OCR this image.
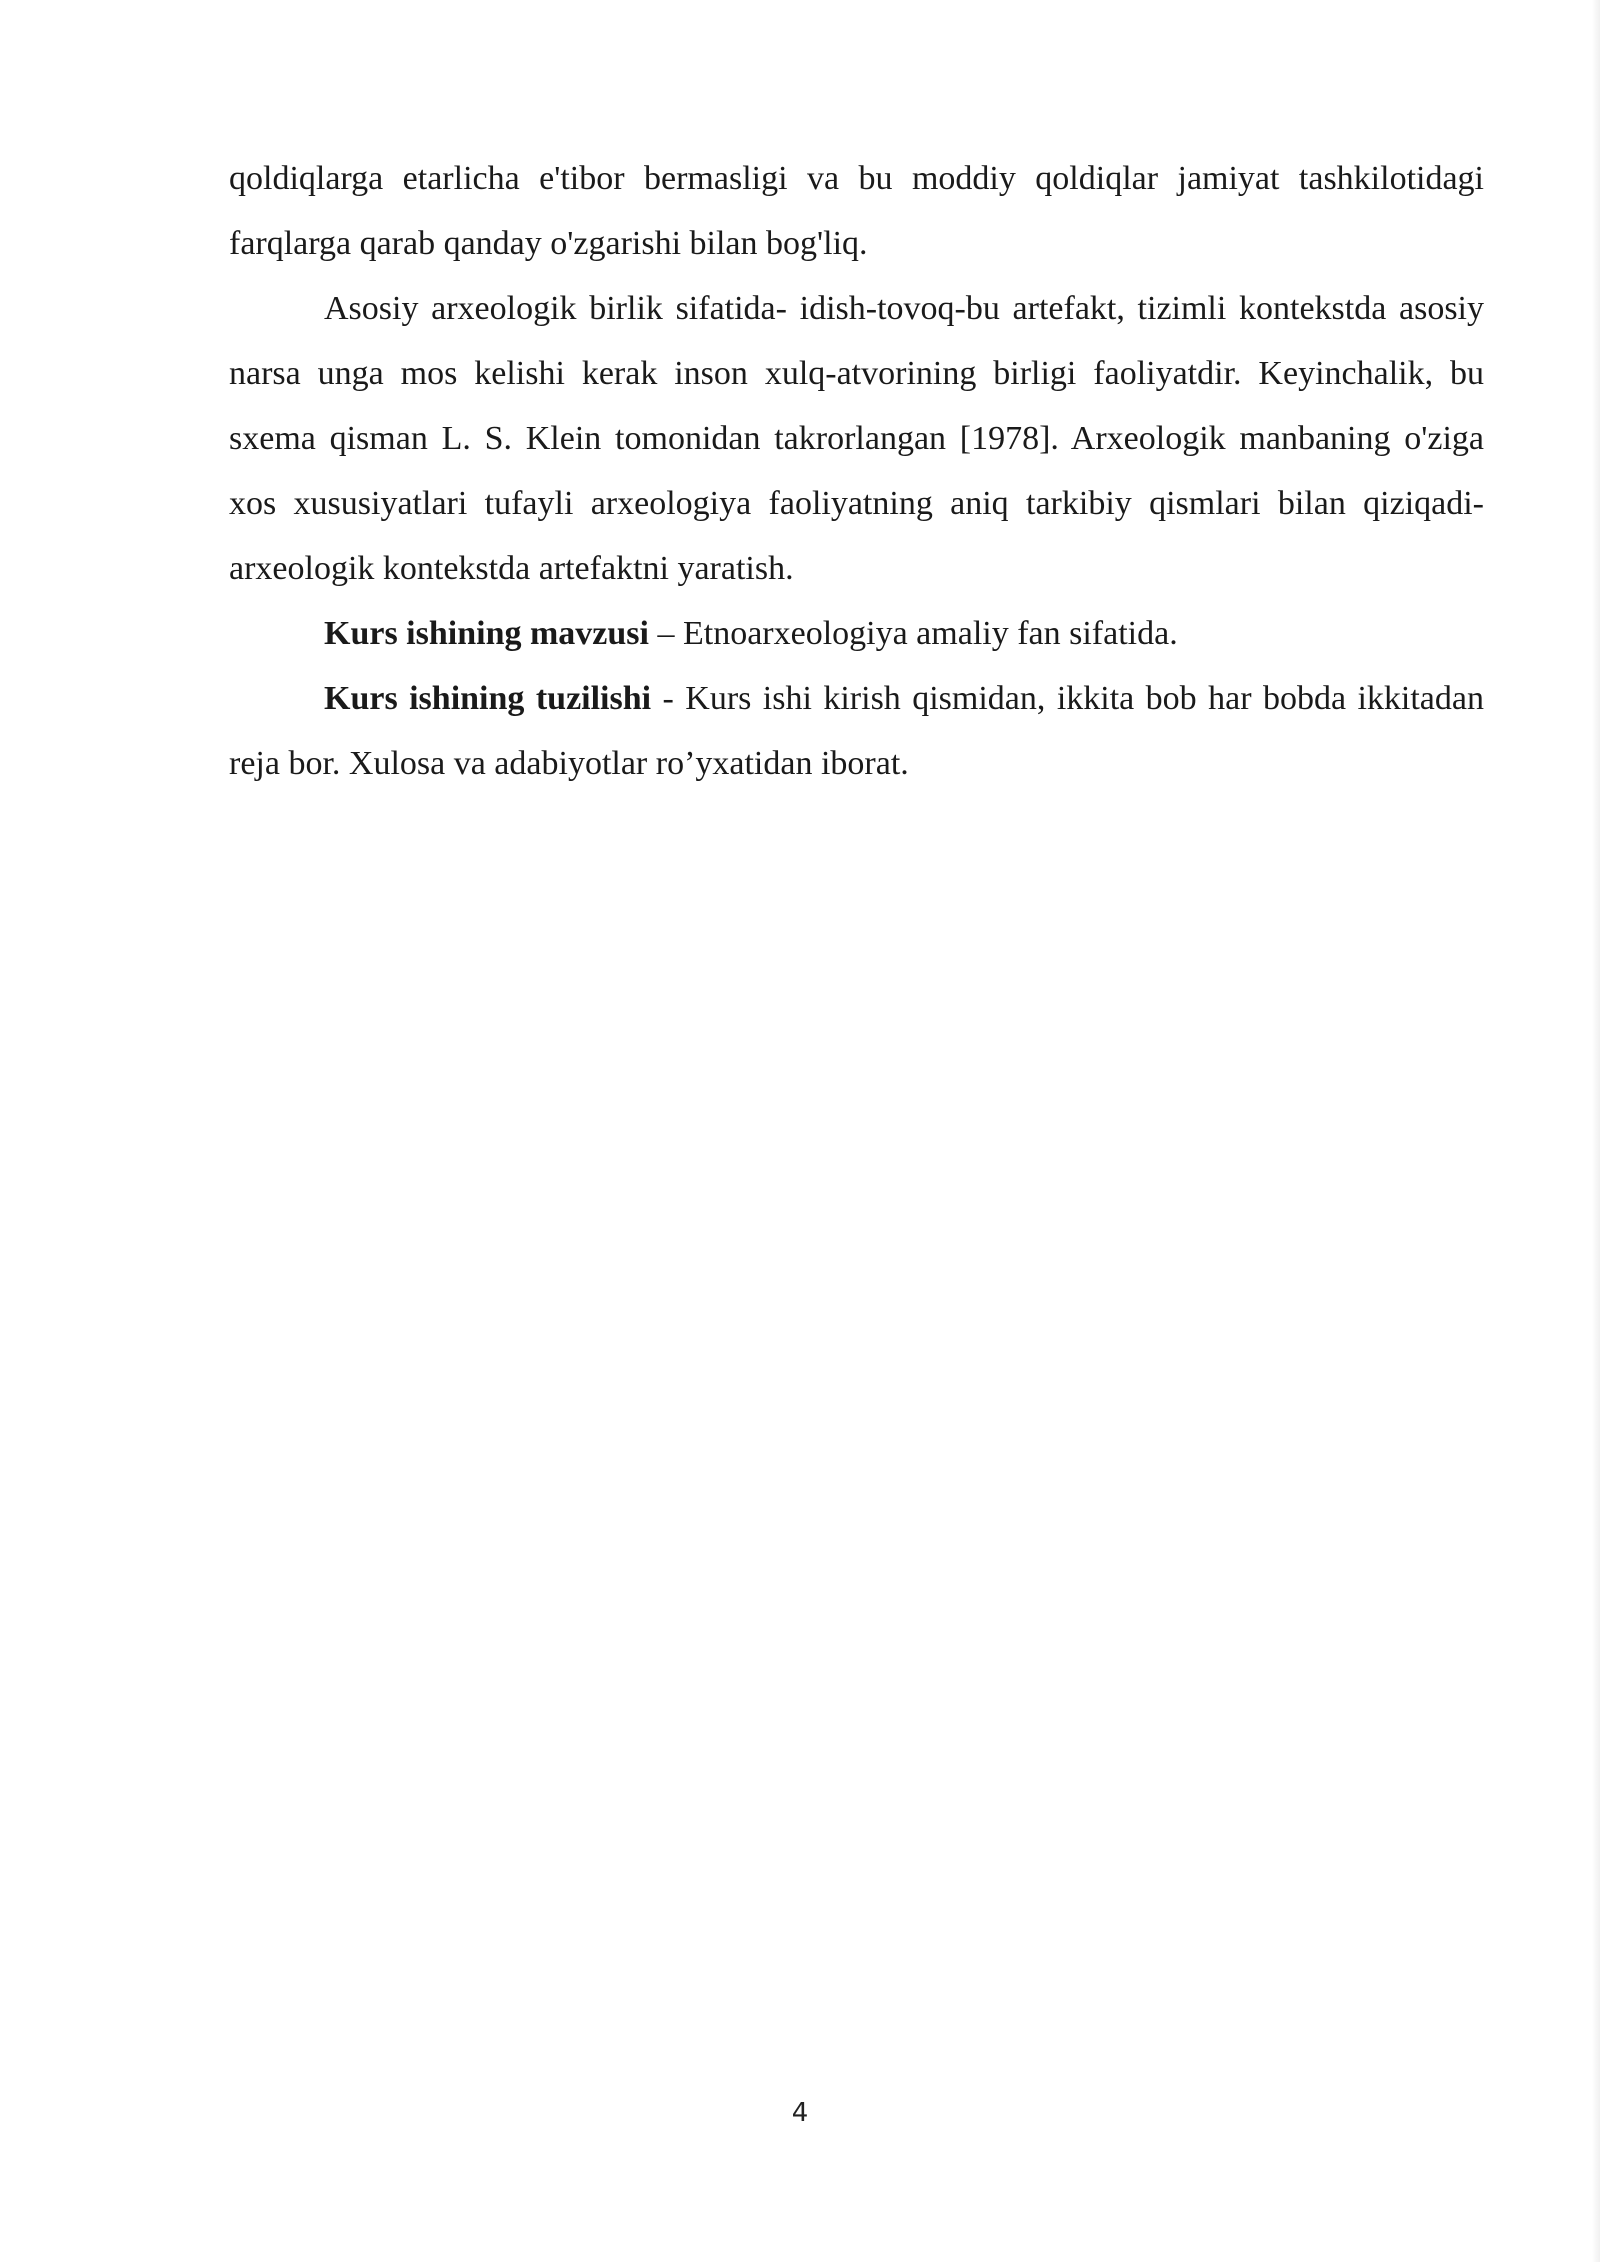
qoldiqlarga etarlicha e'tibor bermasligi va bu moddiy qoldiqlar jamiyat tashkilotidagi farqlarga qarab qanday o'zgarishi bilan bog'liq.

Asosiy arxeologik birlik sifatida- idish-tovoq-bu artefakt, tizimli kontekstda asosiy narsa unga mos kelishi kerak inson xulq-atvorining birligi faoliyatdir. Keyinchalik, bu sxema qisman L. S. Klein tomonidan takrorlangan [1978]. Arxeologik manbaning o'ziga xos xususiyatlari tufayli arxeologiya faoliyatning aniq tarkibiy qismlari bilan qiziqadi- arxeologik kontekstda artefaktni yaratish.

Kurs ishining mavzusi – Etnoarxeologiya amaliy fan sifatida.

Kurs ishining tuzilishi - Kurs ishi kirish qismidan, ikkita bob har bobda ikkitadan reja bor. Xulosa va adabiyotlar ro’yxatidan iborat.

4
